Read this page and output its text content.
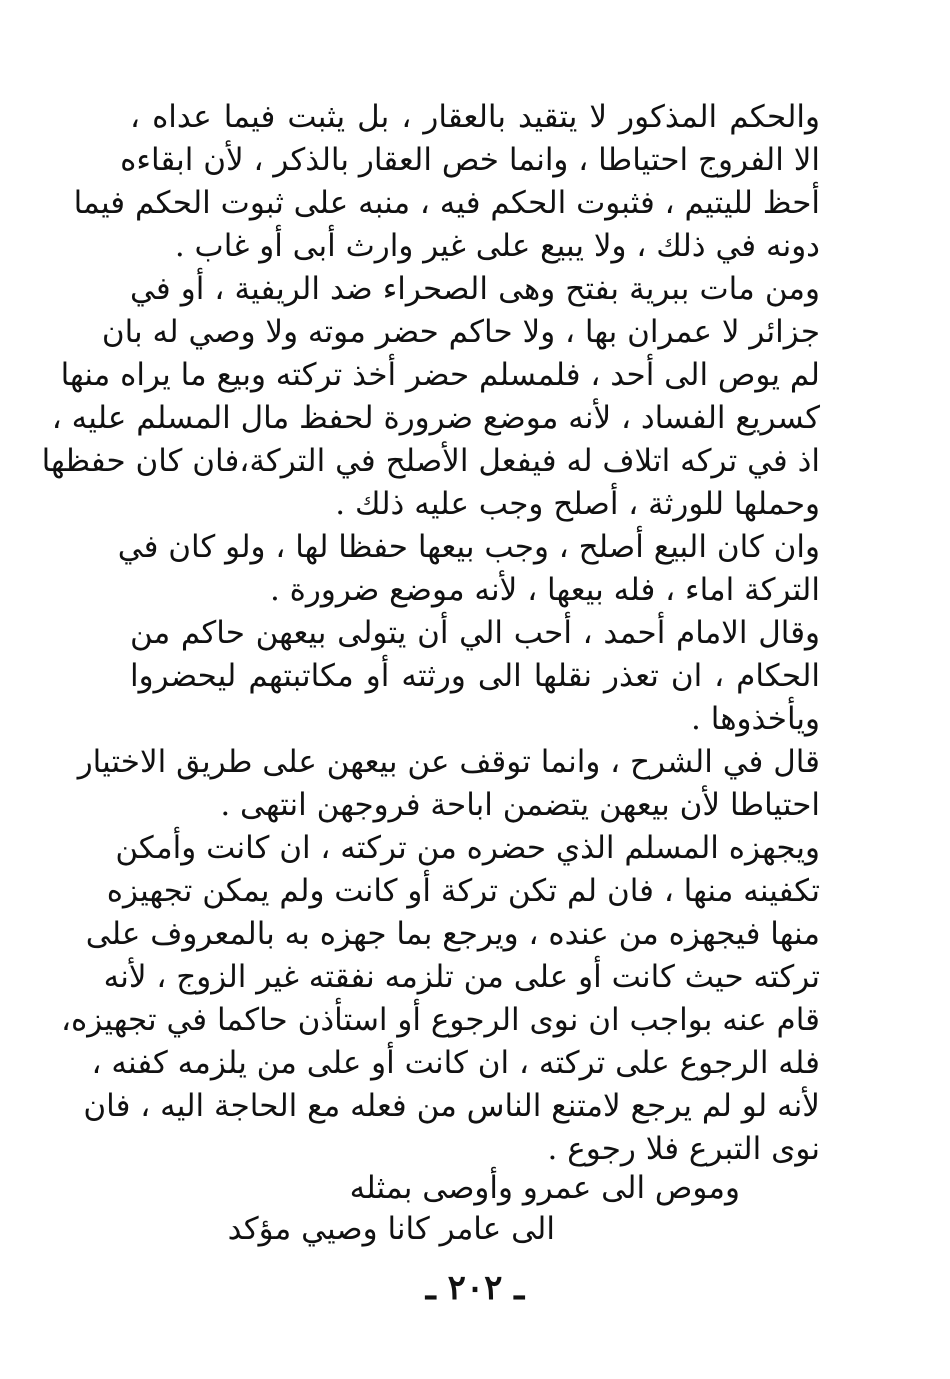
والحكم المذكور لا يتقيد بالعقار ، بل يثبت فيما عداه ،
الا الفروج احتياطا ، وانما خص العقار بالذكر ، لأن ابقاءه
أحظ لليتيم ، فثبوت الحكم فيه ، منبه على ثبوت الحكم فيما
دونه في ذلك ، ولا يبيع على غير وارث أبى أو غاب .
ومن مات ببرية بفتح وهى الصحراء ضد الريفية ، أو في
جزائر لا عمران بها ، ولا حاكم حضر موته ولا وصي له بان
لم يوص الى أحد ، فلمسلم حضر أخذ تركته وبيع ما يراه منها
كسريع الفساد ، لأنه موضع ضرورة لحفظ مال المسلم عليه ،
اذ في تركه اتلاف له فيفعل الأصلح في التركة،فان كان حفظها
وحملها للورثة ، أصلح وجب عليه ذلك .
وان كان البيع أصلح ، وجب بيعها حفظا لها ، ولو كان في
التركة اماء ، فله بيعها ، لأنه موضع ضرورة .
وقال الامام أحمد ، أحب الي أن يتولى بيعهن حاكم من
الحكام ، ان تعذر نقلها الى ورثته أو مكاتبتهم ليحضروا
ويأخذوها .
قال في الشرح ، وانما توقف عن بيعهن على طريق الاختيار
احتياطا لأن بيعهن يتضمن اباحة فروجهن انتهى .
ويجهزه المسلم الذي حضره من تركته ، ان كانت وأمكن
تكفينه منها ، فان لم تكن تركة أو كانت ولم يمكن تجهيزه
منها فيجهزه من عنده ، ويرجع بما جهزه به بالمعروف على
تركته حيث كانت أو على من تلزمه نفقته غير الزوج ، لأنه
قام عنه بواجب ان نوى الرجوع أو استأذن حاكما في تجهيزه،
فله الرجوع على تركته ، ان كانت أو على من يلزمه كفنه ،
لأنه لو لم يرجع لامتنع الناس من فعله مع الحاجة اليه ، فان
نوى التبرع فلا رجوع .
وموص الى عمرو وأوصى بمثله
الى عامر كانا وصيي مؤكد
ـ ٢٠٢ ـ
